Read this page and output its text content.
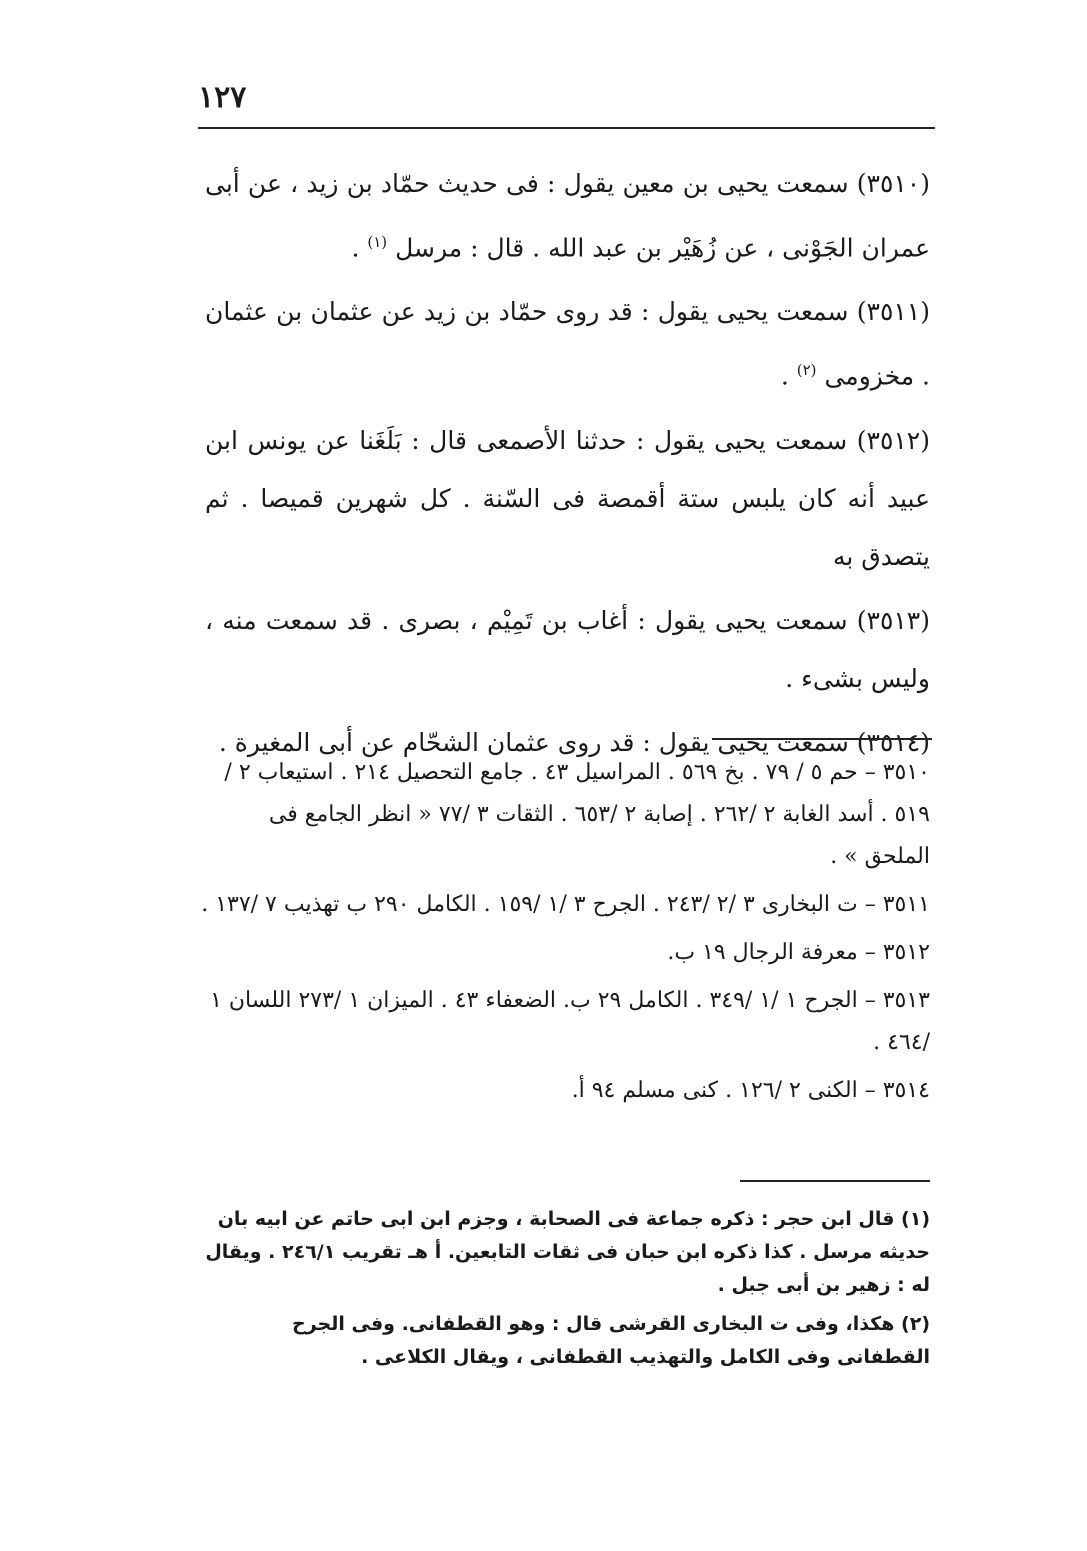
١٢٧

(٣٥١٠) سمعت يحيى بن معين يقول : فى حديث حمّاد بن زيد ، عن أبى عمران الجَوْنى ، عن زُهَيْر بن عبد الله . قال : مرسل $^{(١)}$ .

(٣٥١١) سمعت يحيى يقول : قد روى حمّاد بن زيد عن عثمان بن عثمان . مخزومى $^{(٢)}$ .

(٣٥١٢) سمعت يحيى يقول : حدثنا الأصمعى قال : بَلَغَنا عن يونس ابن عبيد أنه كان يلبس ستة أقمصة فى السّنة . كل شهرين قميصا . ثم يتصدق به

(٣٥١٣) سمعت يحيى يقول : أغاب بن تَمِيْم ، بصرى . قد سمعت منه ، وليس بشىء .

(٣٥١٤) سمعت يحيى يقول : قد روى عثمان الشحّام عن أبى المغيرة .

٣٥١٠ – حم ٥ / ٧٩ . بخ ٥٦٩ . المراسيل ٤٣ . جامع التحصيل ٢١٤ . استيعاب ٢ /٥١٩ . أسد الغابة ٢ /٢٦٢ . إصابة ٢ /٦٥٣ . الثقات ٣ /٧٧ « انظر الجامع فى الملحق » .

٣٥١١ – ت البخارى ٣ /٢ /٢٤٣ . الجرح ٣ /١ /١٥٩ . الكامل ٢٩٠ ب تهذيب ٧ /١٣٧ .

٣٥١٢ – معرفة الرجال ١٩ ب.

٣٥١٣ – الجرح ١ /١ /٣٤٩ . الكامل ٢٩ ب. الضعفاء ٤٣ . الميزان ١ /٢٧٣ اللسان ١ /٤٦٤ .

٣٥١٤ – الكنى ٢ /١٢٦ . كنى مسلم ٩٤ أ.

(١) قال ابن حجر : ذكره جماعة فى الصحابة ، وجزم ابن ابى حاتم عن ابيه بان حديثه مرسل . كذا ذكره ابن حبان فى ثقات التابعين. أ هـ تقريب ٢٤٦/١ . ويقال له : زهير بن أبى جبل .

(٢) هكذا، وفى ت البخارى القرشى قال : وهو القطفانى. وفى الجرح القطفانى وفى الكامل والتهذيب القطفانى ، ويقال الكلاعى .
